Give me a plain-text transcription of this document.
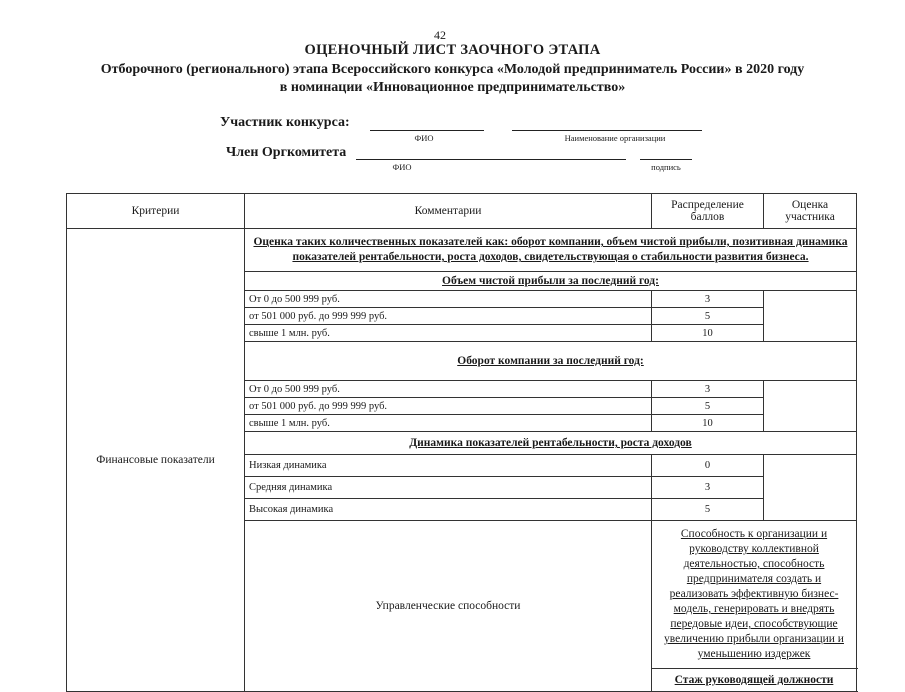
42
ОЦЕНОЧНЫЙ ЛИСТ ЗАОЧНОГО ЭТАПА
Отборочного (регионального) этапа Всероссийского конкурса «Молодой предприниматель России» в 2020 году
в номинации «Инновационное предпринимательство»
Участник конкурса:
ФИО	Наименование организации
Член Оргкомитета
ФИО	подпись
Критерии	Комментарии	Распределение баллов	Оценка участника
Финансовые показатели	Оценка таких количественных показателей как: оборот компании, объем чистой прибыли, позитивная динамика показателей рентабельности, роста доходов, свидетельствующая о стабильности развития бизнеса.		
	Объем чистой прибыли за последний год:		
	От 0 до 500 999 руб.	3	
	от 501 000 руб. до 999 999 руб.	5	
	свыше 1 млн. руб.	10	
	Оборот компании за последний год:		
	От 0 до 500 999 руб.	3	
	от 501 000 руб. до 999 999 руб.	5	
	свыше 1 млн. руб.	10	
	Динамика показателей рентабельности, роста доходов		
	Низкая динамика	0	
	Средняя динамика	3	
	Высокая динамика	5	
	Управленческие способности	Способность к организации и руководству коллективной деятельностью, способность предпринимателя создать и реализовать эффективную бизнес-модель, генерировать и внедрять передовые идеи, способствующие увеличению прибыли организации и уменьшению издержек	
		Стаж руководящей должности	
